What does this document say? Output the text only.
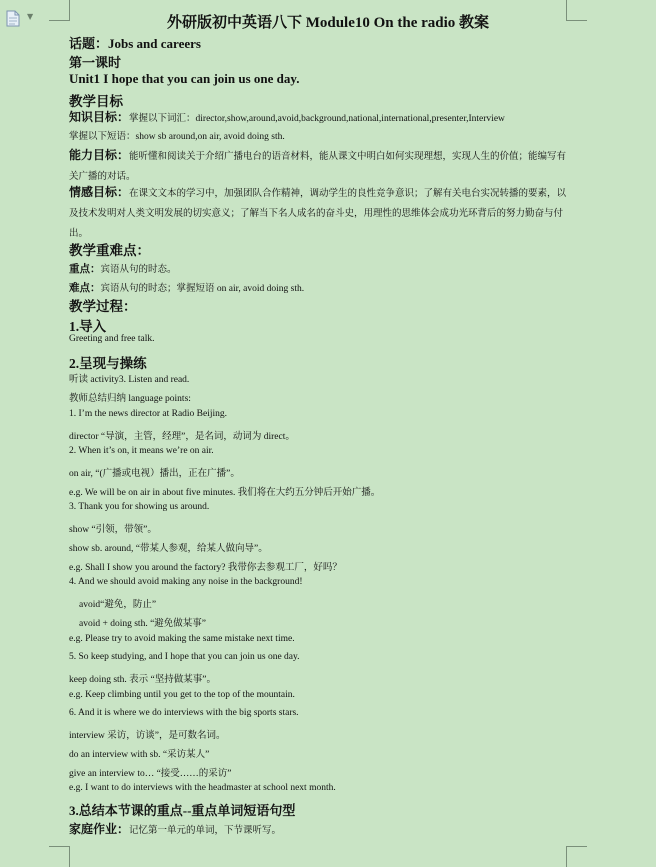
▼	外研版初中英语八下 Module10 On the radio 教案
话题：Jobs and careers
第一课时
Unit1 I hope that you can join us one day.
教学目标
知识目标：掌握以下词汇：director,show,around,avoid,background,national,international,presenter,Interview
掌握以下短语：show sb around,on air, avoid doing sth.
能力目标：能听懂和阅读关于介绍广播电台的语音材料，能从课文中明白如何实现理想，实现人生的价值；能编写有关广播的对话。
情感目标：在课文文本的学习中，加强团队合作精神，调动学生的良性竞争意识；了解有关电台实况转播的要素，以及技术发明对人类文明发展的切实意义；了解当下名人成名的奋斗史，用理性的思维体会成功光环背后的努力勤奋与付出。
教学重难点：
重点：宾语从句的时态。
难点：宾语从句的时态；掌握短语 on air, avoid doing sth.
教学过程：
1.导入
Greeting and free talk.
2.呈现与操练
听读 activity3. Listen and read.
教师总结归纳 language points:
1. I’m the news director at Radio Beijing.
director “导演，主管，经理”，是名词，动词为 direct。
2. When it’s on, it means we’re on air.
on air, “(广播或电视）播出，正在广播”。
e.g. We will be on air in about five minutes. 我们将在大约五分钟后开始广播。
3. Thank you for showing us around.
show “引领，带领”。
show sb. around, “带某人参观，给某人做向导”。
e.g. Shall I show you around the factory? 我带你去参观工厂，好吗？
4. And we should avoid making any noise in the background!
avoid“避免，防止”
avoid + doing sth. “避免做某事”
e.g. Please try to avoid making the same mistake next time.
5. So keep studying, and I hope that you can join us one day.
keep doing sth. 表示 “坚持做某事”。
e.g. Keep climbing until you get to the top of the mountain.
6. And it is where we do interviews with the big sports stars.
interview 采访，访谈”，是可数名词。
do an interview with sb. “采访某人”
give an interview to… “接受……的采访”
e.g. I want to do interviews with the headmaster at school next month.
3.总结本节课的重点--重点单词短语句型
家庭作业：记忆第一单元的单词，下节课听写。
